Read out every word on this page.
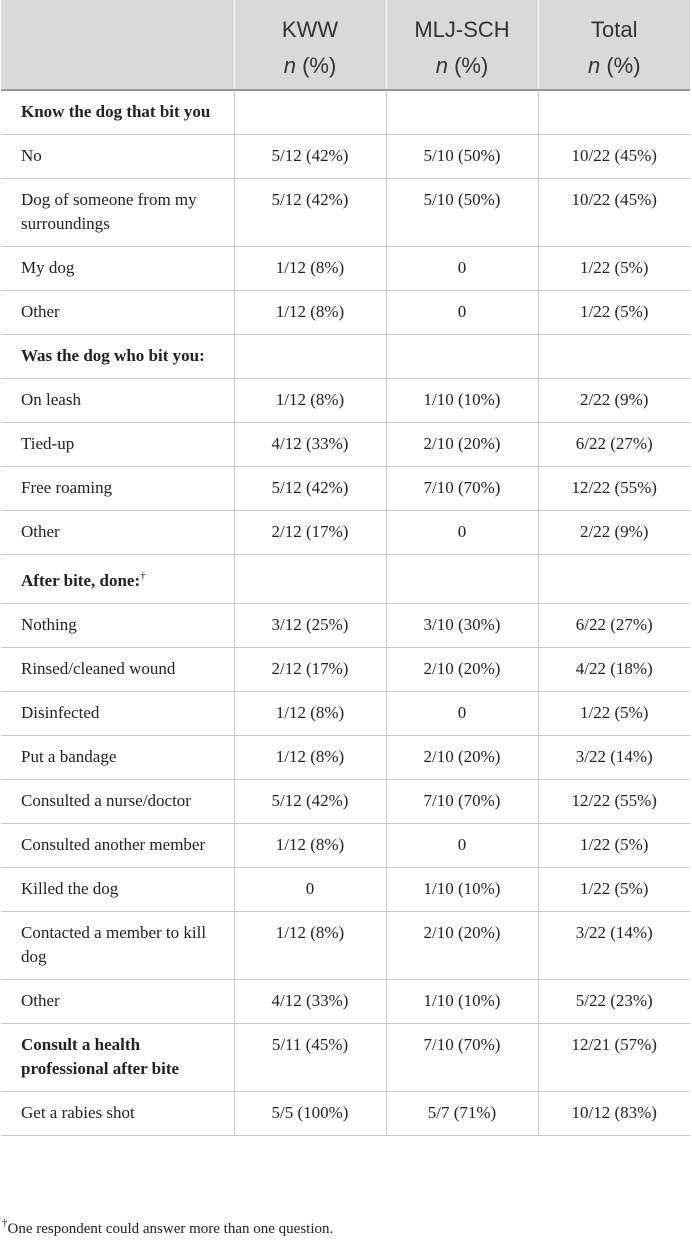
	KWW	MLJ-SCH	Total
	n (%)	n (%)	n (%)
Know the dog that bit you			
No	5/12 (42%)	5/10 (50%)	10/22 (45%)
Dog of someone from my surroundings	5/12 (42%)	5/10 (50%)	10/22 (45%)
My dog	1/12 (8%)	0	1/22 (5%)
Other	1/12 (8%)	0	1/22 (5%)
Was the dog who bit you:			
On leash	1/12 (8%)	1/10 (10%)	2/22 (9%)
Tied-up	4/12 (33%)	2/10 (20%)	6/22 (27%)
Free roaming	5/12 (42%)	7/10 (70%)	12/22 (55%)
Other	2/12 (17%)	0	2/22 (9%)
After bite, done:†			
Nothing	3/12 (25%)	3/10 (30%)	6/22 (27%)
Rinsed/cleaned wound	2/12 (17%)	2/10 (20%)	4/22 (18%)
Disinfected	1/12 (8%)	0	1/22 (5%)
Put a bandage	1/12 (8%)	2/10 (20%)	3/22 (14%)
Consulted a nurse/doctor	5/12 (42%)	7/10 (70%)	12/22 (55%)
Consulted another member	1/12 (8%)	0	1/22 (5%)
Killed the dog	0	1/10 (10%)	1/22 (5%)
Contacted a member to kill dog	1/12 (8%)	2/10 (20%)	3/22 (14%)
Other	4/12 (33%)	1/10 (10%)	5/22 (23%)
Consult a health professional after bite	5/11 (45%)	7/10 (70%)	12/21 (57%)
Get a rabies shot	5/5 (100%)	5/7 (71%)	10/12 (83%)
†One respondent could answer more than one question.
